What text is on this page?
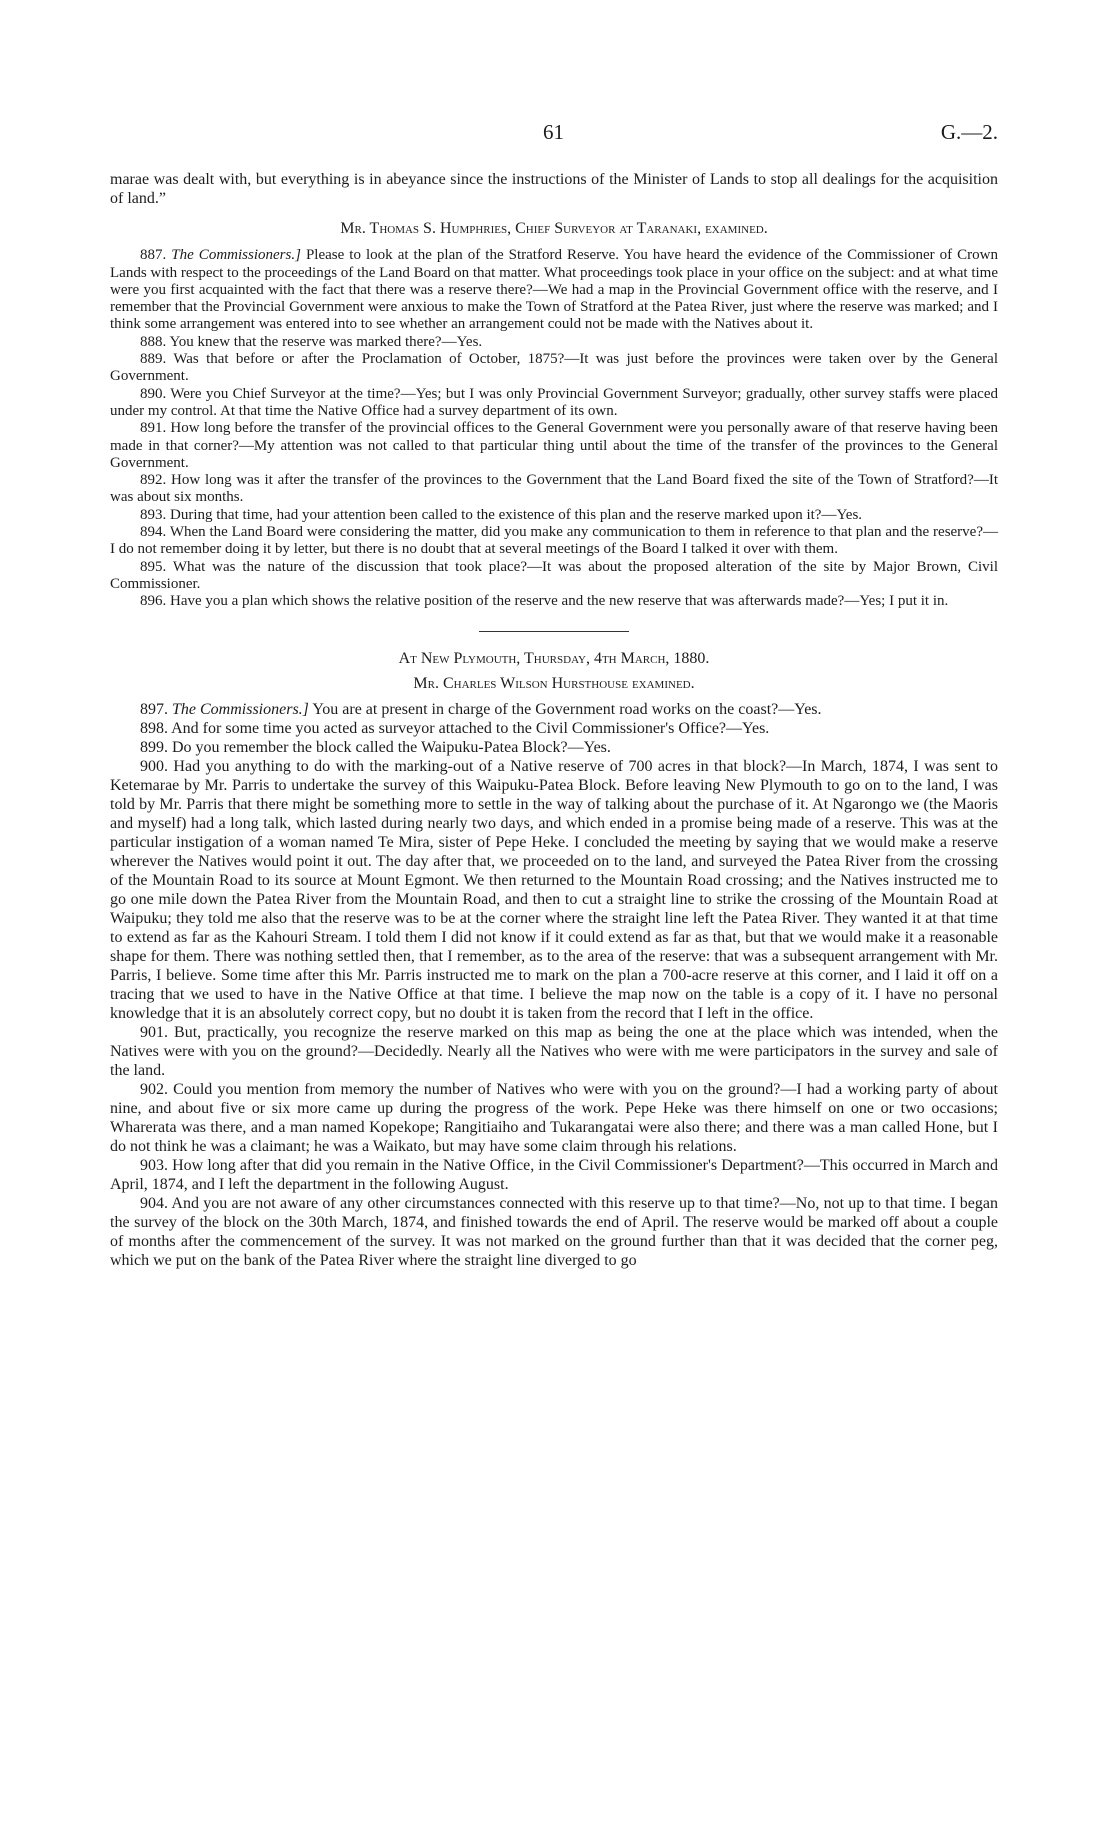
61	G.—2.

marae was dealt with, but everything is in abeyance since the instructions of the Minister of Lands to stop all dealings for the acquisition of land.”

Mr. Thomas S. Humphries, Chief Surveyor at Taranaki, examined.

887. The Commissioners.] Please to look at the plan of the Stratford Reserve. You have heard the evidence of the Commissioner of Crown Lands with respect to the proceedings of the Land Board on that matter. What proceedings took place in your office on the subject: and at what time were you first acquainted with the fact that there was a reserve there?—We had a map in the Provincial Government office with the reserve, and I remember that the Provincial Government were anxious to make the Town of Stratford at the Patea River, just where the reserve was marked; and I think some arrangement was entered into to see whether an arrangement could not be made with the Natives about it.

888. You knew that the reserve was marked there?—Yes.

889. Was that before or after the Proclamation of October, 1875?—It was just before the provinces were taken over by the General Government.

890. Were you Chief Surveyor at the time?—Yes; but I was only Provincial Government Surveyor; gradually, other survey staffs were placed under my control. At that time the Native Office had a survey department of its own.

891. How long before the transfer of the provincial offices to the General Government were you personally aware of that reserve having been made in that corner?—My attention was not called to that particular thing until about the time of the transfer of the provinces to the General Government.

892. How long was it after the transfer of the provinces to the Government that the Land Board fixed the site of the Town of Stratford?—It was about six months.

893. During that time, had your attention been called to the existence of this plan and the reserve marked upon it?—Yes.

894. When the Land Board were considering the matter, did you make any communication to them in reference to that plan and the reserve?—I do not remember doing it by letter, but there is no doubt that at several meetings of the Board I talked it over with them.

895. What was the nature of the discussion that took place?—It was about the proposed alteration of the site by Major Brown, Civil Commissioner.

896. Have you a plan which shows the relative position of the reserve and the new reserve that was afterwards made?—Yes; I put it in.

At New Plymouth, Thursday, 4th March, 1880.

Mr. Charles Wilson Hursthouse examined.

897. The Commissioners.] You are at present in charge of the Government road works on the coast?—Yes.

898. And for some time you acted as surveyor attached to the Civil Commissioner's Office?—Yes.

899. Do you remember the block called the Waipuku-Patea Block?—Yes.

900. Had you anything to do with the marking-out of a Native reserve of 700 acres in that block?—In March, 1874, I was sent to Ketemarae by Mr. Parris to undertake the survey of this Waipuku-Patea Block. Before leaving New Plymouth to go on to the land, I was told by Mr. Parris that there might be something more to settle in the way of talking about the purchase of it. At Ngarongo we (the Maoris and myself) had a long talk, which lasted during nearly two days, and which ended in a promise being made of a reserve. This was at the particular instigation of a woman named Te Mira, sister of Pepe Heke. I concluded the meeting by saying that we would make a reserve wherever the Natives would point it out. The day after that, we proceeded on to the land, and surveyed the Patea River from the crossing of the Mountain Road to its source at Mount Egmont. We then returned to the Mountain Road crossing; and the Natives instructed me to go one mile down the Patea River from the Mountain Road, and then to cut a straight line to strike the crossing of the Mountain Road at Waipuku; they told me also that the reserve was to be at the corner where the straight line left the Patea River. They wanted it at that time to extend as far as the Kahouri Stream. I told them I did not know if it could extend as far as that, but that we would make it a reasonable shape for them. There was nothing settled then, that I remember, as to the area of the reserve: that was a subsequent arrangement with Mr. Parris, I believe. Some time after this Mr. Parris instructed me to mark on the plan a 700-acre reserve at this corner, and I laid it off on a tracing that we used to have in the Native Office at that time. I believe the map now on the table is a copy of it. I have no personal knowledge that it is an absolutely correct copy, but no doubt it is taken from the record that I left in the office.

901. But, practically, you recognize the reserve marked on this map as being the one at the place which was intended, when the Natives were with you on the ground?—Decidedly. Nearly all the Natives who were with me were participators in the survey and sale of the land.

902. Could you mention from memory the number of Natives who were with you on the ground?—I had a working party of about nine, and about five or six more came up during the progress of the work. Pepe Heke was there himself on one or two occasions; Wharerata was there, and a man named Kopekope; Rangitiaiho and Tukarangatai were also there; and there was a man called Hone, but I do not think he was a claimant; he was a Waikato, but may have some claim through his relations.

903. How long after that did you remain in the Native Office, in the Civil Commissioner's Department?—This occurred in March and April, 1874, and I left the department in the following August.

904. And you are not aware of any other circumstances connected with this reserve up to that time?—No, not up to that time. I began the survey of the block on the 30th March, 1874, and finished towards the end of April. The reserve would be marked off about a couple of months after the commencement of the survey. It was not marked on the ground further than that it was decided that the corner peg, which we put on the bank of the Patea River where the straight line diverged to go
